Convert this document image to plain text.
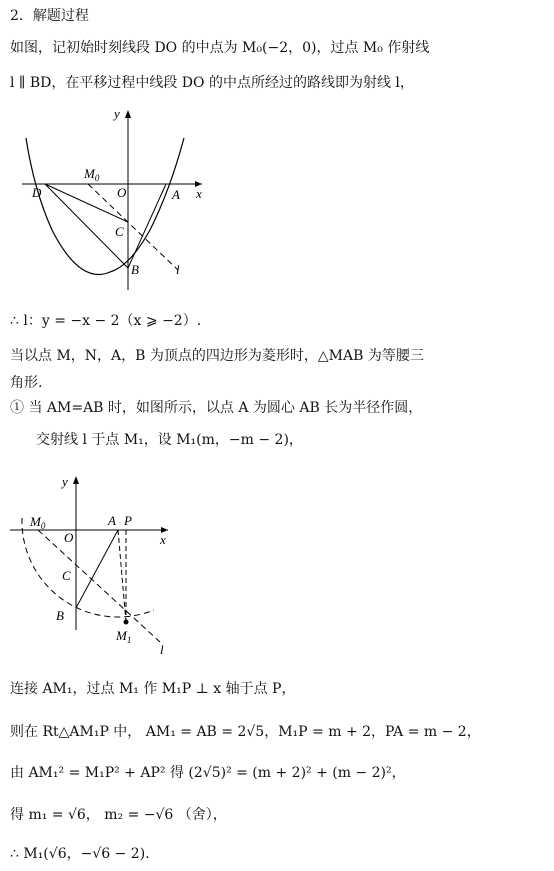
2．解题过程
如图，记初始时刻线段 DO 的中点为 M₀(−2，0)，过点 M₀ 作射线
l ∥ BD，在平移过程中线段 DO 的中点所经过的路线即为射线 l，
y
$M_0$
O
D	A x
C
B	l
∴ l：y = −x − 2（x ⩾ −2）.
当以点 M，N，A，B 为顶点的四边形为菱形时，△MAB 为等腰三
角形.
① 当 AM=AB 时，如图所示，以点 A 为圆心 AB 长为半径作圆，
交射线 l 于点 M₁，设 M₁(m，−m − 2)，
y
$M_0$	A P
O	x
C
B
$M_1$
l
连接 AM₁，过点 M₁ 作 M₁P ⊥ x 轴于点 P，
则在 Rt△AM₁P 中， AM₁ = AB = 2√5，M₁P = m + 2，PA = m − 2，
由 AM₁² = M₁P² + AP² 得 (2√5)² = (m + 2)² + (m − 2)²，
得 m₁ = √6， m₂ = −√6 （舍），
∴ M₁(√6，−√6 − 2).
